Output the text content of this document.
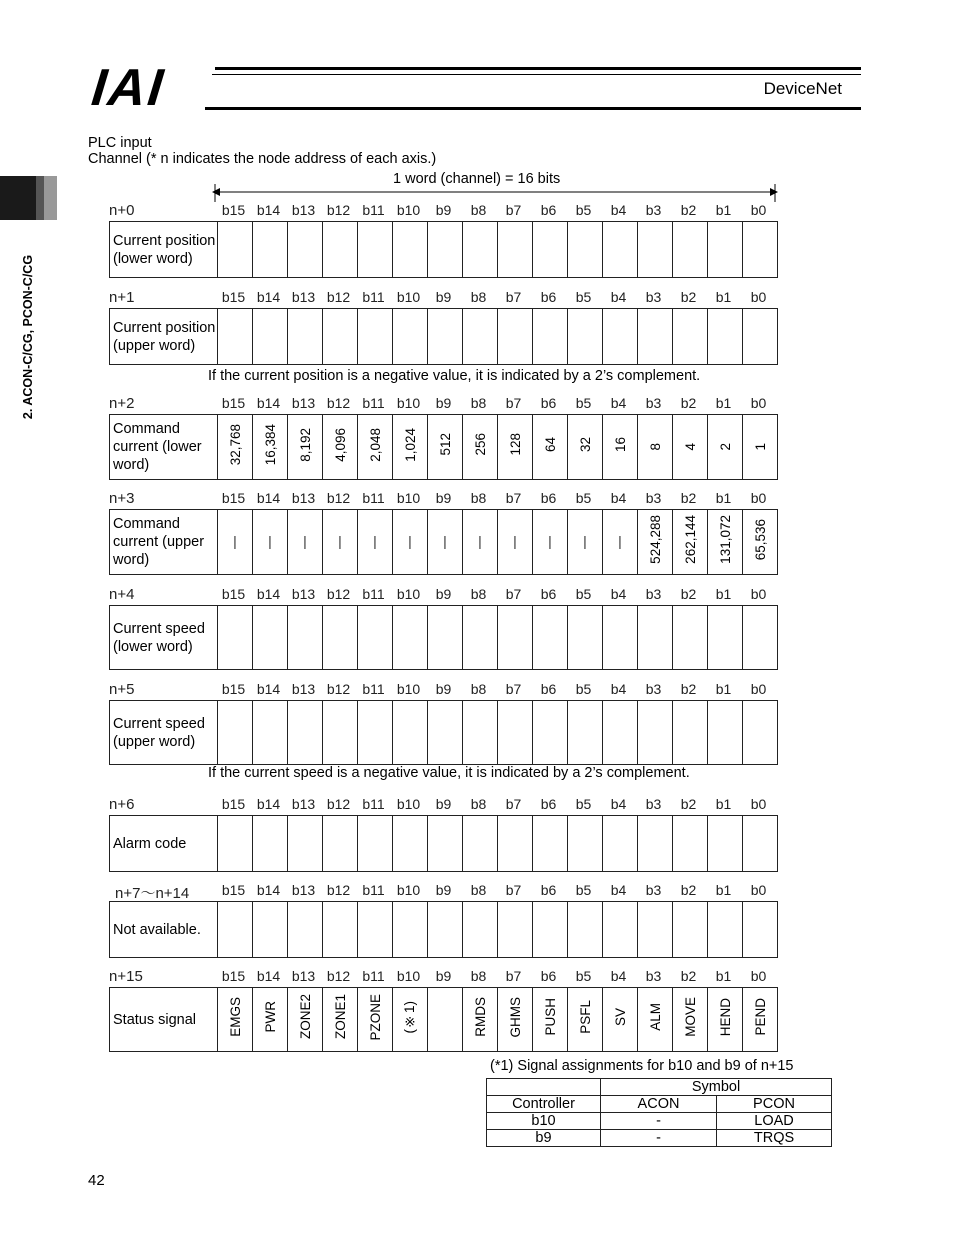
IAI	DeviceNet
2. ACON-C/CG, PCON-C/CG
PLC input
Channel (* n indicates the node address of each axis.)
1 word (channel) = 16 bits
n+0	b15 b14 b13 b12 b11 b10	b9	b8	b7	b6	b5	b4	b3	b2	b1	b0
Current position (lower word)																
n+1	b15 b14 b13 b12 b11 b10	b9	b8	b7	b6	b5	b4	b3	b2	b1	b0
Current position (upper word)																
n+2	b15 b14 b13 b12 b11 b10	b9	b8	b7	b6	b5	b4	b3	b2	b1	b0
Command current (lower word)	32,768	16,384	8,192	4,096	2,048	1,024	512	256	128	64	32	16	8	4	2	1
n+3	b15 b14 b13 b12 b11 b10	b9	b8	b7	b6	b5	b4	b3	b2	b1	b0
Command current (upper word)	|	|	|	|	|	|	|	|	|	|	|	|	524,288	262,144	131,072	65,536
n+4	b15 b14 b13 b12 b11 b10	b9	b8	b7	b6	b5	b4	b3	b2	b1	b0
Current speed (lower word)																
n+5	b15 b14 b13 b12 b11 b10	b9	b8	b7	b6	b5	b4	b3	b2	b1	b0
Current speed (upper word)																
n+6	b15 b14 b13 b12 b11 b10	b9	b8	b7	b6	b5	b4	b3	b2	b1	b0
Alarm code																
n+7～n+14	b15 b14 b13 b12 b11 b10	b9	b8	b7	b6	b5	b4	b3	b2	b1	b0
Not available.																
n+15	b15 b14 b13 b12 b11 b10	b9	b8	b7	b6	b5	b4	b3	b2	b1	b0
Status signal	EMGS	PWR	ZONE2	ZONE1	PZONE	(※1)		RMDS	GHMS	PUSH	PSFL	SV	ALM	MOVE	HEND	PEND
If the current position is a negative value, it is indicated by a 2’s complement.
If the current speed is a negative value, it is indicated by a 2’s complement.
(*1) Signal assignments for b10 and b9 of n+15
	Symbol	
Controller	ACON	PCON
b10	-	LOAD
b9	-	TRQS
42
